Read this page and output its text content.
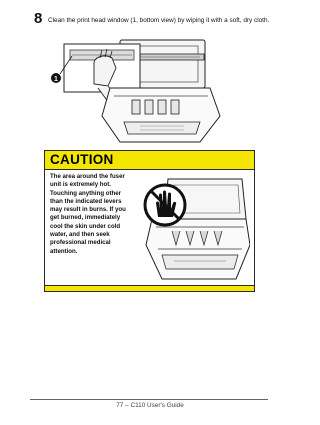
8 Clean the print head window (1, bottom view) by wiping it with a soft, dry cloth.
1
CAUTION
The area around the fuser
unit is extremely hot.
Touching anything other
than the indicated levers
may result in burns. If you
get burned, immediately
cool the skin under cold
water, and then seek
professional medical
attention.
77 – C110 User's Guide
